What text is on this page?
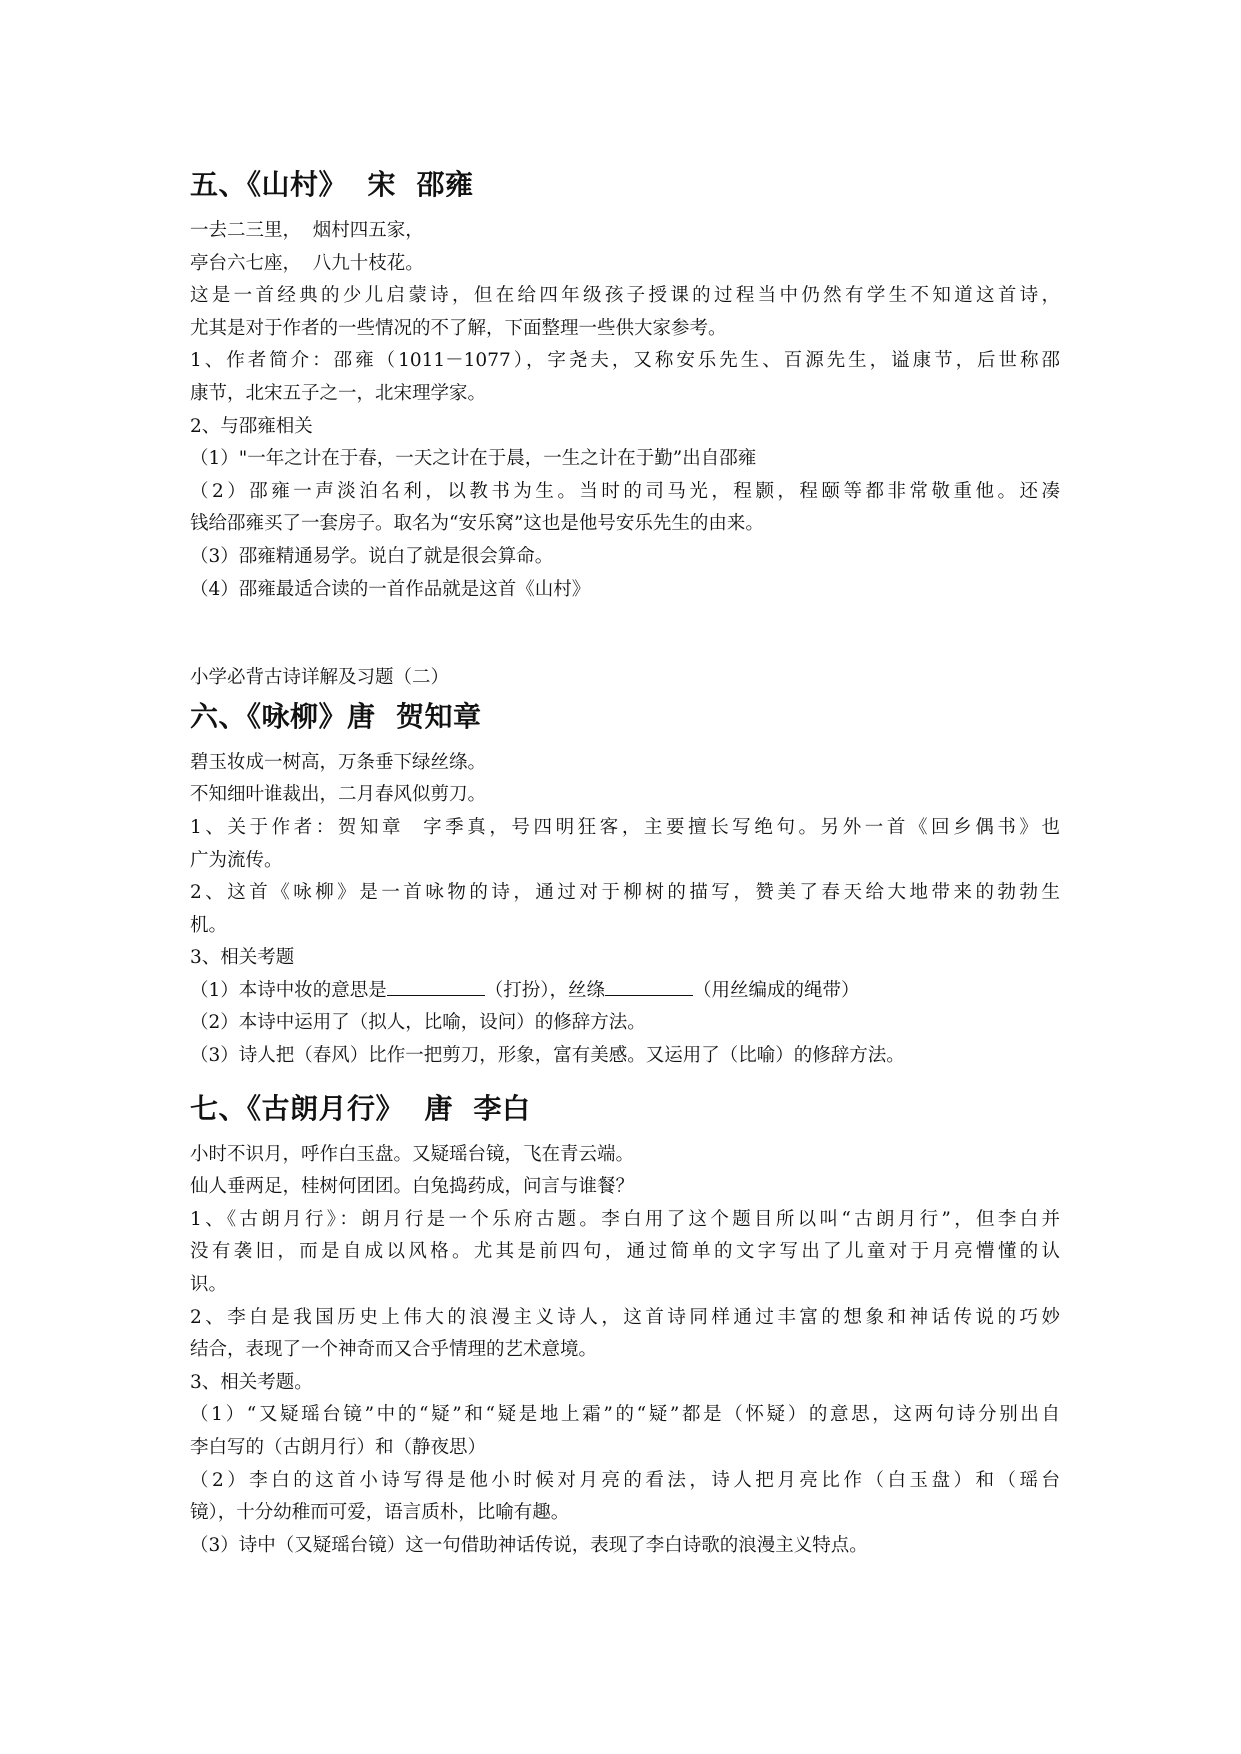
五、《山村》  宋  邵雍

一去二三里，  烟村四五家，

亭台六七座，  八九十枝花。

这是一首经典的少儿启蒙诗，但在给四年级孩子授课的过程当中仍然有学生不知道这首诗，

尤其是对于作者的一些情况的不了解，下面整理一些供大家参考。

1、作者简介：邵雍（1011－1077），字尧夫，又称安乐先生、百源先生，谥康节，后世称邵

康节，北宋五子之一，北宋理学家。

2、与邵雍相关

（1）"一年之计在于春，一天之计在于晨，一生之计在于勤”出自邵雍

（2）邵雍一声淡泊名利，以教书为生。当时的司马光，程颢，程颐等都非常敬重他。还凑

钱给邵雍买了一套房子。取名为“安乐窝”这也是他号安乐先生的由来。

（3）邵雍精通易学。说白了就是很会算命。

（4）邵雍最适合读的一首作品就是这首《山村》

小学必背古诗详解及习题（二）

六、《咏柳》唐  贺知章

碧玉妆成一树高，万条垂下绿丝绦。

不知细叶谁裁出，二月春风似剪刀。

1、关于作者：贺知章  字季真，号四明狂客，主要擅长写绝句。另外一首《回乡偶书》也

广为流传。

2、这首《咏柳》是一首咏物的诗，通过对于柳树的描写，赞美了春天给大地带来的勃勃生

机。

3、相关考题

（1）本诗中妆的意思是	（打扮），丝绦	（用丝编成的绳带）

（2）本诗中运用了（拟人，比喻，设问）的修辞方法。

（3）诗人把（春风）比作一把剪刀，形象，富有美感。又运用了（比喻）的修辞方法。

七、《古朗月行》  唐  李白

小时不识月，呼作白玉盘。又疑瑶台镜，飞在青云端。

仙人垂两足，桂树何团团。白兔捣药成，问言与谁餐？

1、《古朗月行》：朗月行是一个乐府古题。李白用了这个题目所以叫“古朗月行”，但李白并

没有袭旧，而是自成以风格。尤其是前四句，通过简单的文字写出了儿童对于月亮懵懂的认

识。

2、李白是我国历史上伟大的浪漫主义诗人，这首诗同样通过丰富的想象和神话传说的巧妙

结合，表现了一个神奇而又合乎情理的艺术意境。

3、相关考题。

（1）“又疑瑶台镜”中的“疑”和“疑是地上霜”的“疑”都是（怀疑）的意思，这两句诗分别出自

李白写的（古朗月行）和（静夜思）

（2）李白的这首小诗写得是他小时候对月亮的看法，诗人把月亮比作（白玉盘）和（瑶台

镜），十分幼稚而可爱，语言质朴，比喻有趣。

（3）诗中（又疑瑶台镜）这一句借助神话传说，表现了李白诗歌的浪漫主义特点。
